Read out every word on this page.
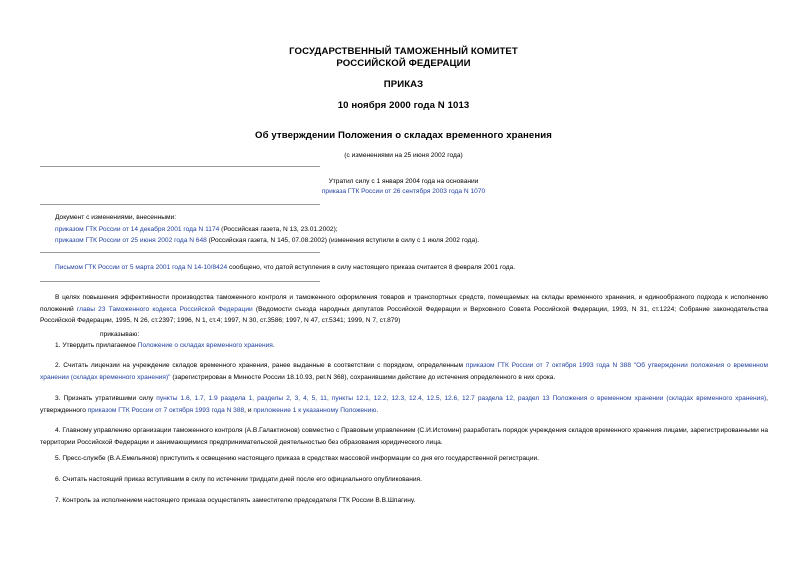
ГОСУДАРСТВЕННЫЙ ТАМОЖЕННЫЙ КОМИТЕТ
РОССИЙСКОЙ ФЕДЕРАЦИИ
ПРИКАЗ
10 ноября 2000 года N 1013
Об утверждении Положения о складах временного хранения
(с изменениями на 25 июня 2002 года)
Утратил силу с 1 января 2004 года на основании
приказа ГТК России от 26 сентября 2003 года N 1070
Документ с изменениями, внесенными:
приказом ГТК России от 14 декабря 2001 года N 1174 (Российская газета, N 13, 23.01.2002);
приказом ГТК России от 25 июня 2002 года N 648 (Российская газета, N 145, 07.08.2002) (изменения вступили в силу с 1 июля 2002 года).
Письмом ГТК России от 5 марта 2001 года N 14-10/8424 сообщено, что датой вступления в силу настоящего приказа считается 8 февраля 2001 года.
В целях повышения эффективности производства таможенного контроля и таможенного оформления товаров и транспортных средств, помещаемых на склады временного хранения, и единообразного подхода к исполнению положений главы 23 Таможенного кодекса Российской Федерации (Ведомости съезда народных депутатов Российской Федерации и Верховного Совета Российской Федерации, 1993, N 31, ст.1224; Собрание законодательства Российской Федерации, 1995, N 26, ст.2397; 1996, N 1, ст.4; 1997, N 30, ст.3586; 1997, N 47, ст.5341; 1999, N 7, ст.879)
приказываю:
1. Утвердить прилагаемое Положение о складах временного хранения.
2. Считать лицензии на учреждение складов временного хранения, ранее выданные в соответствии с порядком, определенным приказом ГТК России от 7 октября 1993 года N 388 "Об утверждении положения о временном хранении (складах временного хранения)" (зарегистрирован в Минюсте России 18.10.93, рег.N 368), сохранившими действие до истечения определенного в них срока.
3. Признать утратившими силу пункты 1.6, 1.7, 1.9 раздела 1, разделы 2, 3, 4, 5, 11, пункты 12.1, 12.2, 12.3, 12.4, 12.5, 12.6, 12.7 раздела 12, раздел 13 Положения о временном хранении (складах временного хранения), утвержденного приказом ГТК России от 7 октября 1993 года N 388, и приложение 1 к указанному Положению.
4. Главному управлению организации таможенного контроля (А.В.Галактионов) совместно с Правовым управлением (С.И.Истомин) разработать порядок учреждения складов временного хранения лицами, зарегистрированными на территории Российской Федерации и занимающимися предпринимательской деятельностью без образования юридического лица.
5. Пресс-службе (В.А.Емельянов) приступить к освещению настоящего приказа в средствах массовой информации со дня его государственной регистрации.
6. Считать настоящий приказ вступившим в силу по истечении тридцати дней после его официального опубликования.
7. Контроль за исполнением настоящего приказа осуществлять заместителю председателя ГТК России В.В.Шпагину.
